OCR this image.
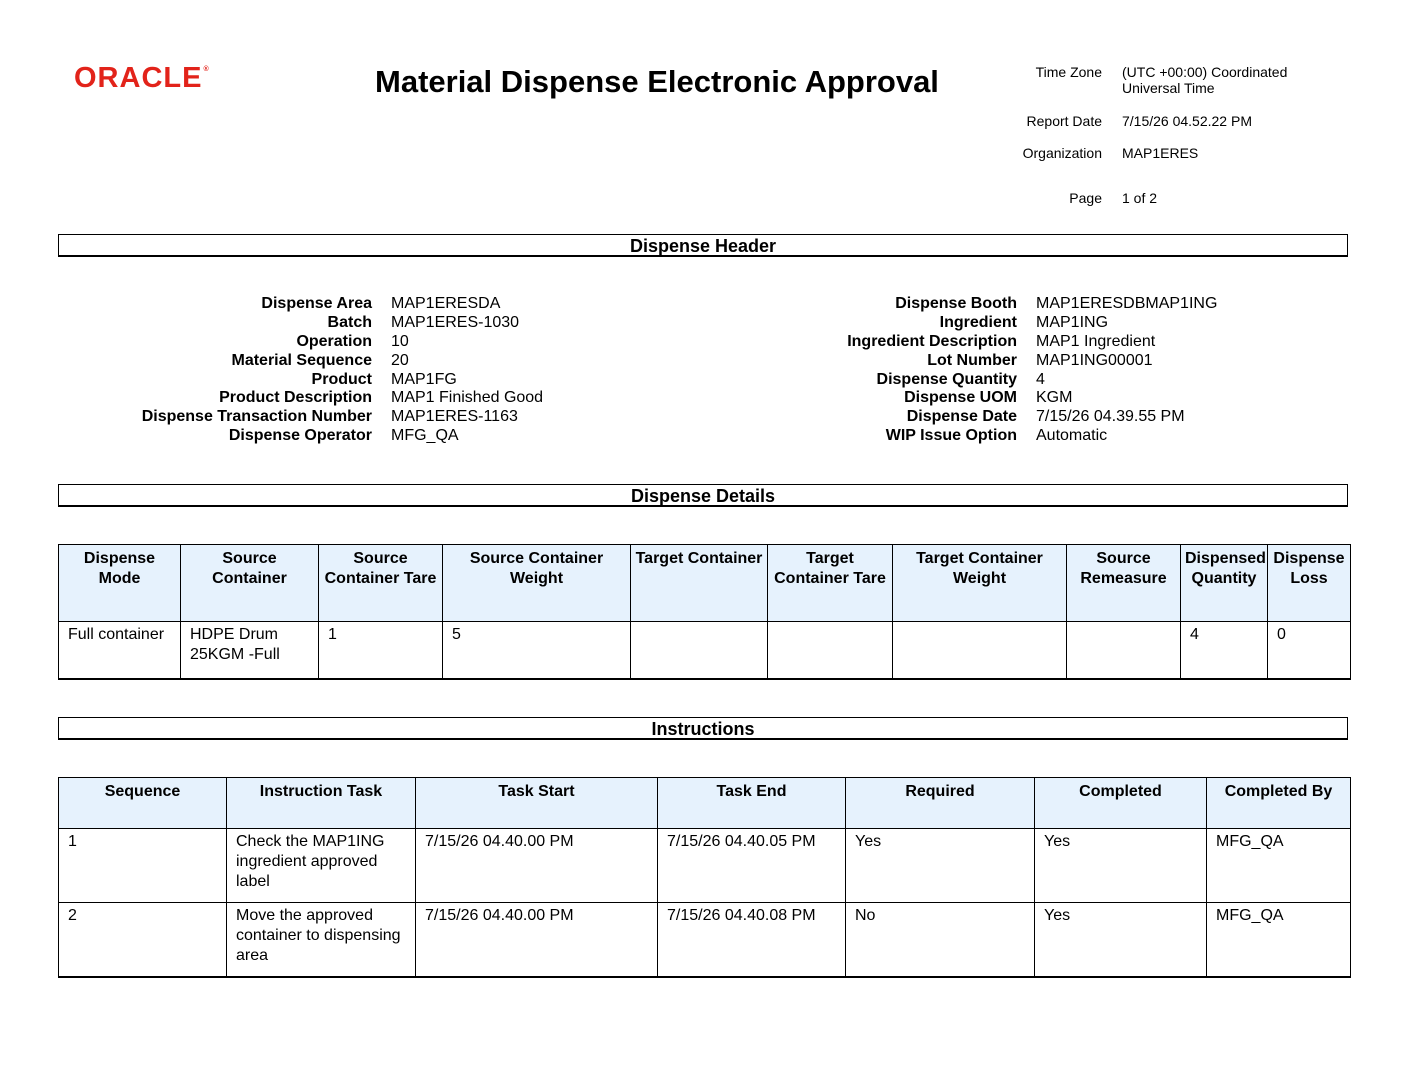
ORACLE®	Material Dispense Electronic Approval	Time Zone	(UTC +00:00) Coordinated Universal Time
Report Date	7/15/26 04.52.22 PM
Organization	MAP1ERES
Page	1 of 2
Dispense Header
Dispense Area	MAP1ERESDA
Batch	MAP1ERES-1030
Operation	10
Material Sequence	20
Product	MAP1FG
Product Description	MAP1 Finished Good
Dispense Transaction Number	MAP1ERES-1163
Dispense Operator	MFG_QA
Dispense Booth	MAP1ERESDBMAP1ING
Ingredient	MAP1ING
Ingredient Description	MAP1 Ingredient
Lot Number	MAP1ING00001
Dispense Quantity	4
Dispense UOM	KGM
Dispense Date	7/15/26 04.39.55 PM
WIP Issue Option	Automatic
Dispense Details
Dispense Mode	Source Container	Source Container Tare	Source Container Weight	Target Container	Target Container Tare	Target Container Weight	Source Remeasure	Dispensed Quantity	Dispense Loss
Full container	HDPE Drum 25KGM -Full	1	5					4	0
Instructions
Sequence	Instruction Task	Task Start	Task End	Required	Completed	Completed By
1	Check the MAP1ING ingredient approved label	7/15/26 04.40.00 PM	7/15/26 04.40.05 PM	Yes	Yes	MFG_QA
2	Move the approved container to dispensing area	7/15/26 04.40.00 PM	7/15/26 04.40.08 PM	No	Yes	MFG_QA
